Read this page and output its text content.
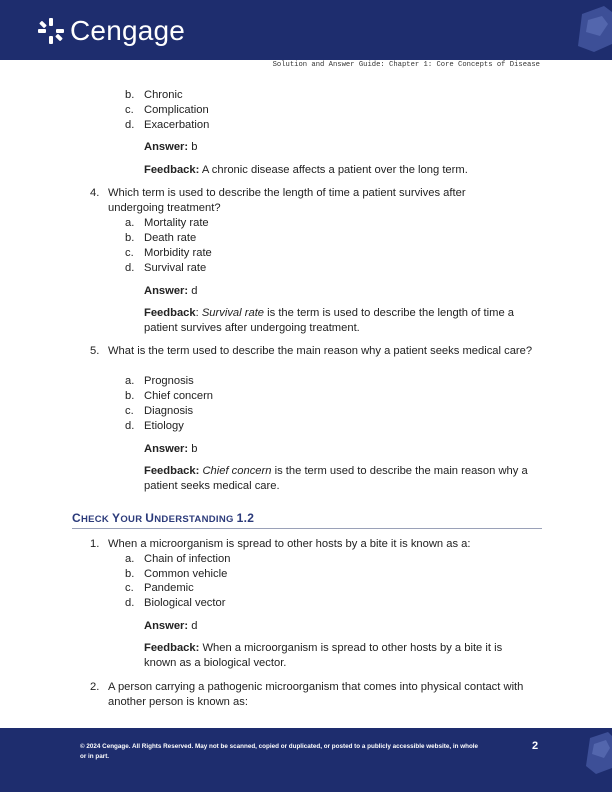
Cengage
Solution and Answer Guide: Chapter 1: Core Concepts of Disease
b. Chronic
c. Complication
d. Exacerbation
Answer: b
Feedback: A chronic disease affects a patient over the long term.
4. Which term is used to describe the length of time a patient survives after undergoing treatment?
a. Mortality rate
b. Death rate
c. Morbidity rate
d. Survival rate
Answer: d
Feedback: Survival rate is the term is used to describe the length of time a patient survives after undergoing treatment.
5. What is the term used to describe the main reason why a patient seeks medical care?
a. Prognosis
b. Chief concern
c. Diagnosis
d. Etiology
Answer: b
Feedback: Chief concern is the term used to describe the main reason why a patient seeks medical care.
CHECK YOUR UNDERSTANDING 1.2
1. When a microorganism is spread to other hosts by a bite it is known as a:
a. Chain of infection
b. Common vehicle
c. Pandemic
d. Biological vector
Answer: d
Feedback: When a microorganism is spread to other hosts by a bite it is known as a biological vector.
2. A person carrying a pathogenic microorganism that comes into physical contact with another person is known as:
© 2024 Cengage. All Rights Reserved. May not be scanned, copied or duplicated, or posted to a publicly accessible website, in whole or in part.
2
